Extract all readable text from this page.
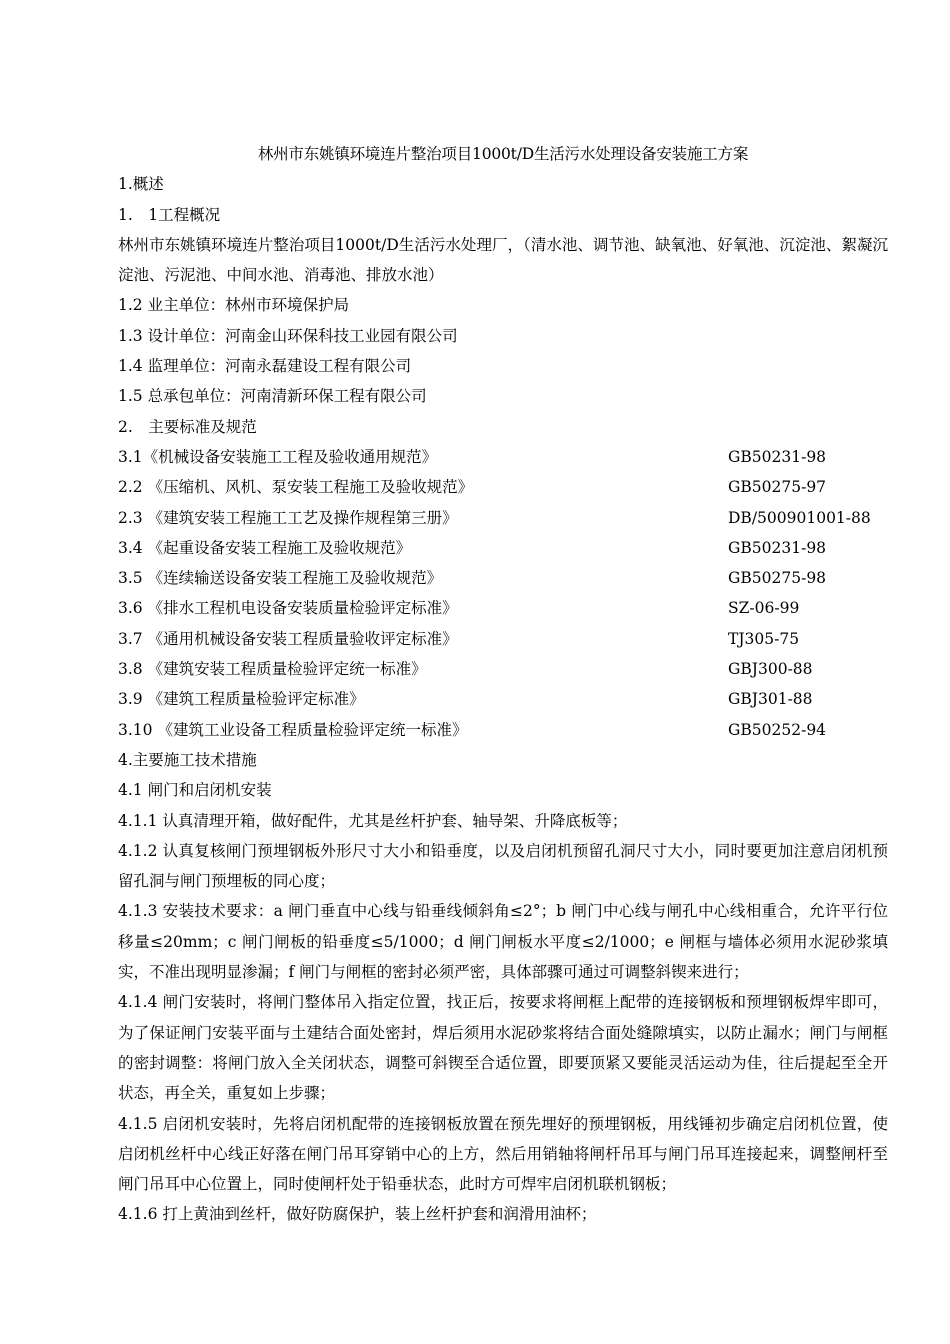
林州市东姚镇环境连片整治项目1000t/D生活污水处理设备安装施工方案
1.概述
1.　1工程概况
林州市东姚镇环境连片整治项目1000t/D生活污水处理厂，（清水池、调节池、缺氧池、好氧池、沉淀池、絮凝沉淀池、污泥池、中间水池、消毒池、排放水池）
1.2 业主单位：林州市环境保护局
1.3 设计单位：河南金山环保科技工业园有限公司
1.4 监理单位：河南永磊建设工程有限公司
1.5 总承包单位：河南清新环保工程有限公司
2.　主要标准及规范
3.1《机械设备安装施工工程及验收通用规范》	GB50231-98
2.2 《压缩机、风机、泵安装工程施工及验收规范》	GB50275-97
2.3 《建筑安装工程施工工艺及操作规程第三册》	DB/500901001-88
3.4 《起重设备安装工程施工及验收规范》	GB50231-98
3.5 《连续输送设备安装工程施工及验收规范》	GB50275-98
3.6 《排水工程机电设备安装质量检验评定标准》	SZ-06-99
3.7 《通用机械设备安装工程质量验收评定标准》	TJ305-75
3.8 《建筑安装工程质量检验评定统一标准》	GBJ300-88
3.9 《建筑工程质量检验评定标准》	GBJ301-88
3.10 《建筑工业设备工程质量检验评定统一标准》	GB50252-94
4.主要施工技术措施
4.1 闸门和启闭机安装
4.1.1 认真清理开箱，做好配件，尤其是丝杆护套、轴导架、升降底板等；
4.1.2 认真复核闸门预埋钢板外形尺寸大小和铅垂度，以及启闭机预留孔洞尺寸大小，同时要更加注意启闭机预留孔洞与闸门预埋板的同心度；
4.1.3 安装技术要求：a 闸门垂直中心线与铅垂线倾斜角≤2°；b 闸门中心线与闸孔中心线相重合，允许平行位移量≤20mm；c 闸门闸板的铅垂度≤5/1000；d 闸门闸板水平度≤2/1000；e 闸框与墙体必须用水泥砂浆填实，不准出现明显渗漏；f 闸门与闸框的密封必须严密，具体部骤可通过可调整斜锲来进行；
4.1.4 闸门安装时，将闸门整体吊入指定位置，找正后，按要求将闸框上配带的连接钢板和预埋钢板焊牢即可，为了保证闸门安装平面与土建结合面处密封，焊后须用水泥砂浆将结合面处缝隙填实，以防止漏水；闸门与闸框的密封调整：将闸门放入全关闭状态，调整可斜锲至合适位置，即要顶紧又要能灵活运动为佳，往后提起至全开状态，再全关，重复如上步骤；
4.1.5 启闭机安装时，先将启闭机配带的连接钢板放置在预先埋好的预埋钢板，用线锤初步确定启闭机位置，使启闭机丝杆中心线正好落在闸门吊耳穿销中心的上方，然后用销轴将闸杆吊耳与闸门吊耳连接起来，调整闸杆至闸门吊耳中心位置上，同时使闸杆处于铅垂状态，此时方可焊牢启闭机联机钢板；
4.1.6 打上黄油到丝杆，做好防腐保护，装上丝杆护套和润滑用油杯；
